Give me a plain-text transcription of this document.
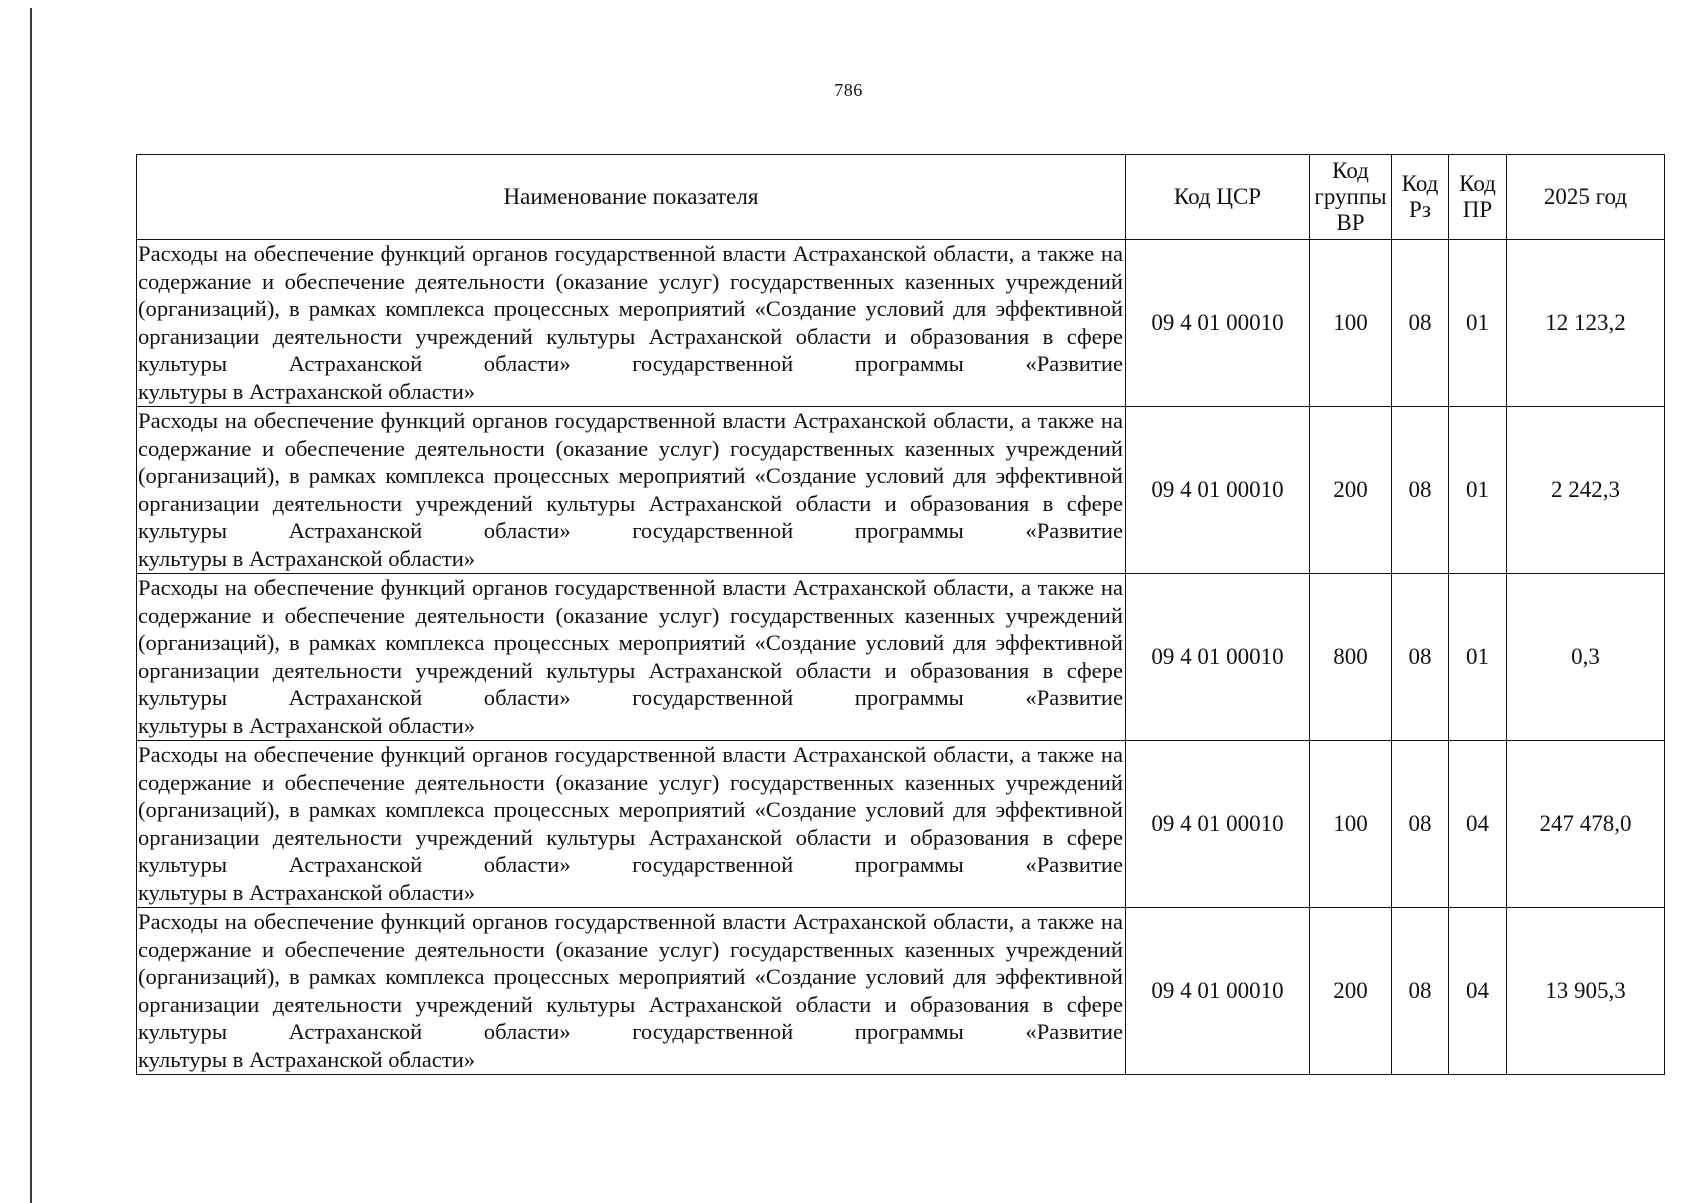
786
Наименование показателя	Код ЦСР	Код группы ВР	Код Рз	Код ПР	2025 год
Расходы на обеспечение функций органов государственной власти Астраханской области, а также на содержание и обеспечение деятельности (оказание услуг) государственных казенных учреждений (организаций), в рамках комплекса процессных мероприятий «Создание условий для эффективной организации деятельности учреждений культуры Астраханской области и образования в сфере культуры Астраханской области» государственной программы «Развитие
культуры в Астраханской области»	09 4 01 00010	100	08	01	12 123,2
Расходы на обеспечение функций органов государственной власти Астраханской области, а также на содержание и обеспечение деятельности (оказание услуг) государственных казенных учреждений (организаций), в рамках комплекса процессных мероприятий «Создание условий для эффективной организации деятельности учреждений культуры Астраханской области и образования в сфере культуры Астраханской области» государственной программы «Развитие
культуры в Астраханской области»	09 4 01 00010	200	08	01	2 242,3
Расходы на обеспечение функций органов государственной власти Астраханской области, а также на содержание и обеспечение деятельности (оказание услуг) государственных казенных учреждений (организаций), в рамках комплекса процессных мероприятий «Создание условий для эффективной организации деятельности учреждений культуры Астраханской области и образования в сфере культуры Астраханской области» государственной программы «Развитие
культуры в Астраханской области»	09 4 01 00010	800	08	01	0,3
Расходы на обеспечение функций органов государственной власти Астраханской области, а также на содержание и обеспечение деятельности (оказание услуг) государственных казенных учреждений (организаций), в рамках комплекса процессных мероприятий «Создание условий для эффективной организации деятельности учреждений культуры Астраханской области и образования в сфере культуры Астраханской области» государственной программы «Развитие
культуры в Астраханской области»	09 4 01 00010	100	08	04	247 478,0
Расходы на обеспечение функций органов государственной власти Астраханской области, а также на содержание и обеспечение деятельности (оказание услуг) государственных казенных учреждений (организаций), в рамках комплекса процессных мероприятий «Создание условий для эффективной организации деятельности учреждений культуры Астраханской области и образования в сфере культуры Астраханской области» государственной программы «Развитие
культуры в Астраханской области»	09 4 01 00010	200	08	04	13 905,3
